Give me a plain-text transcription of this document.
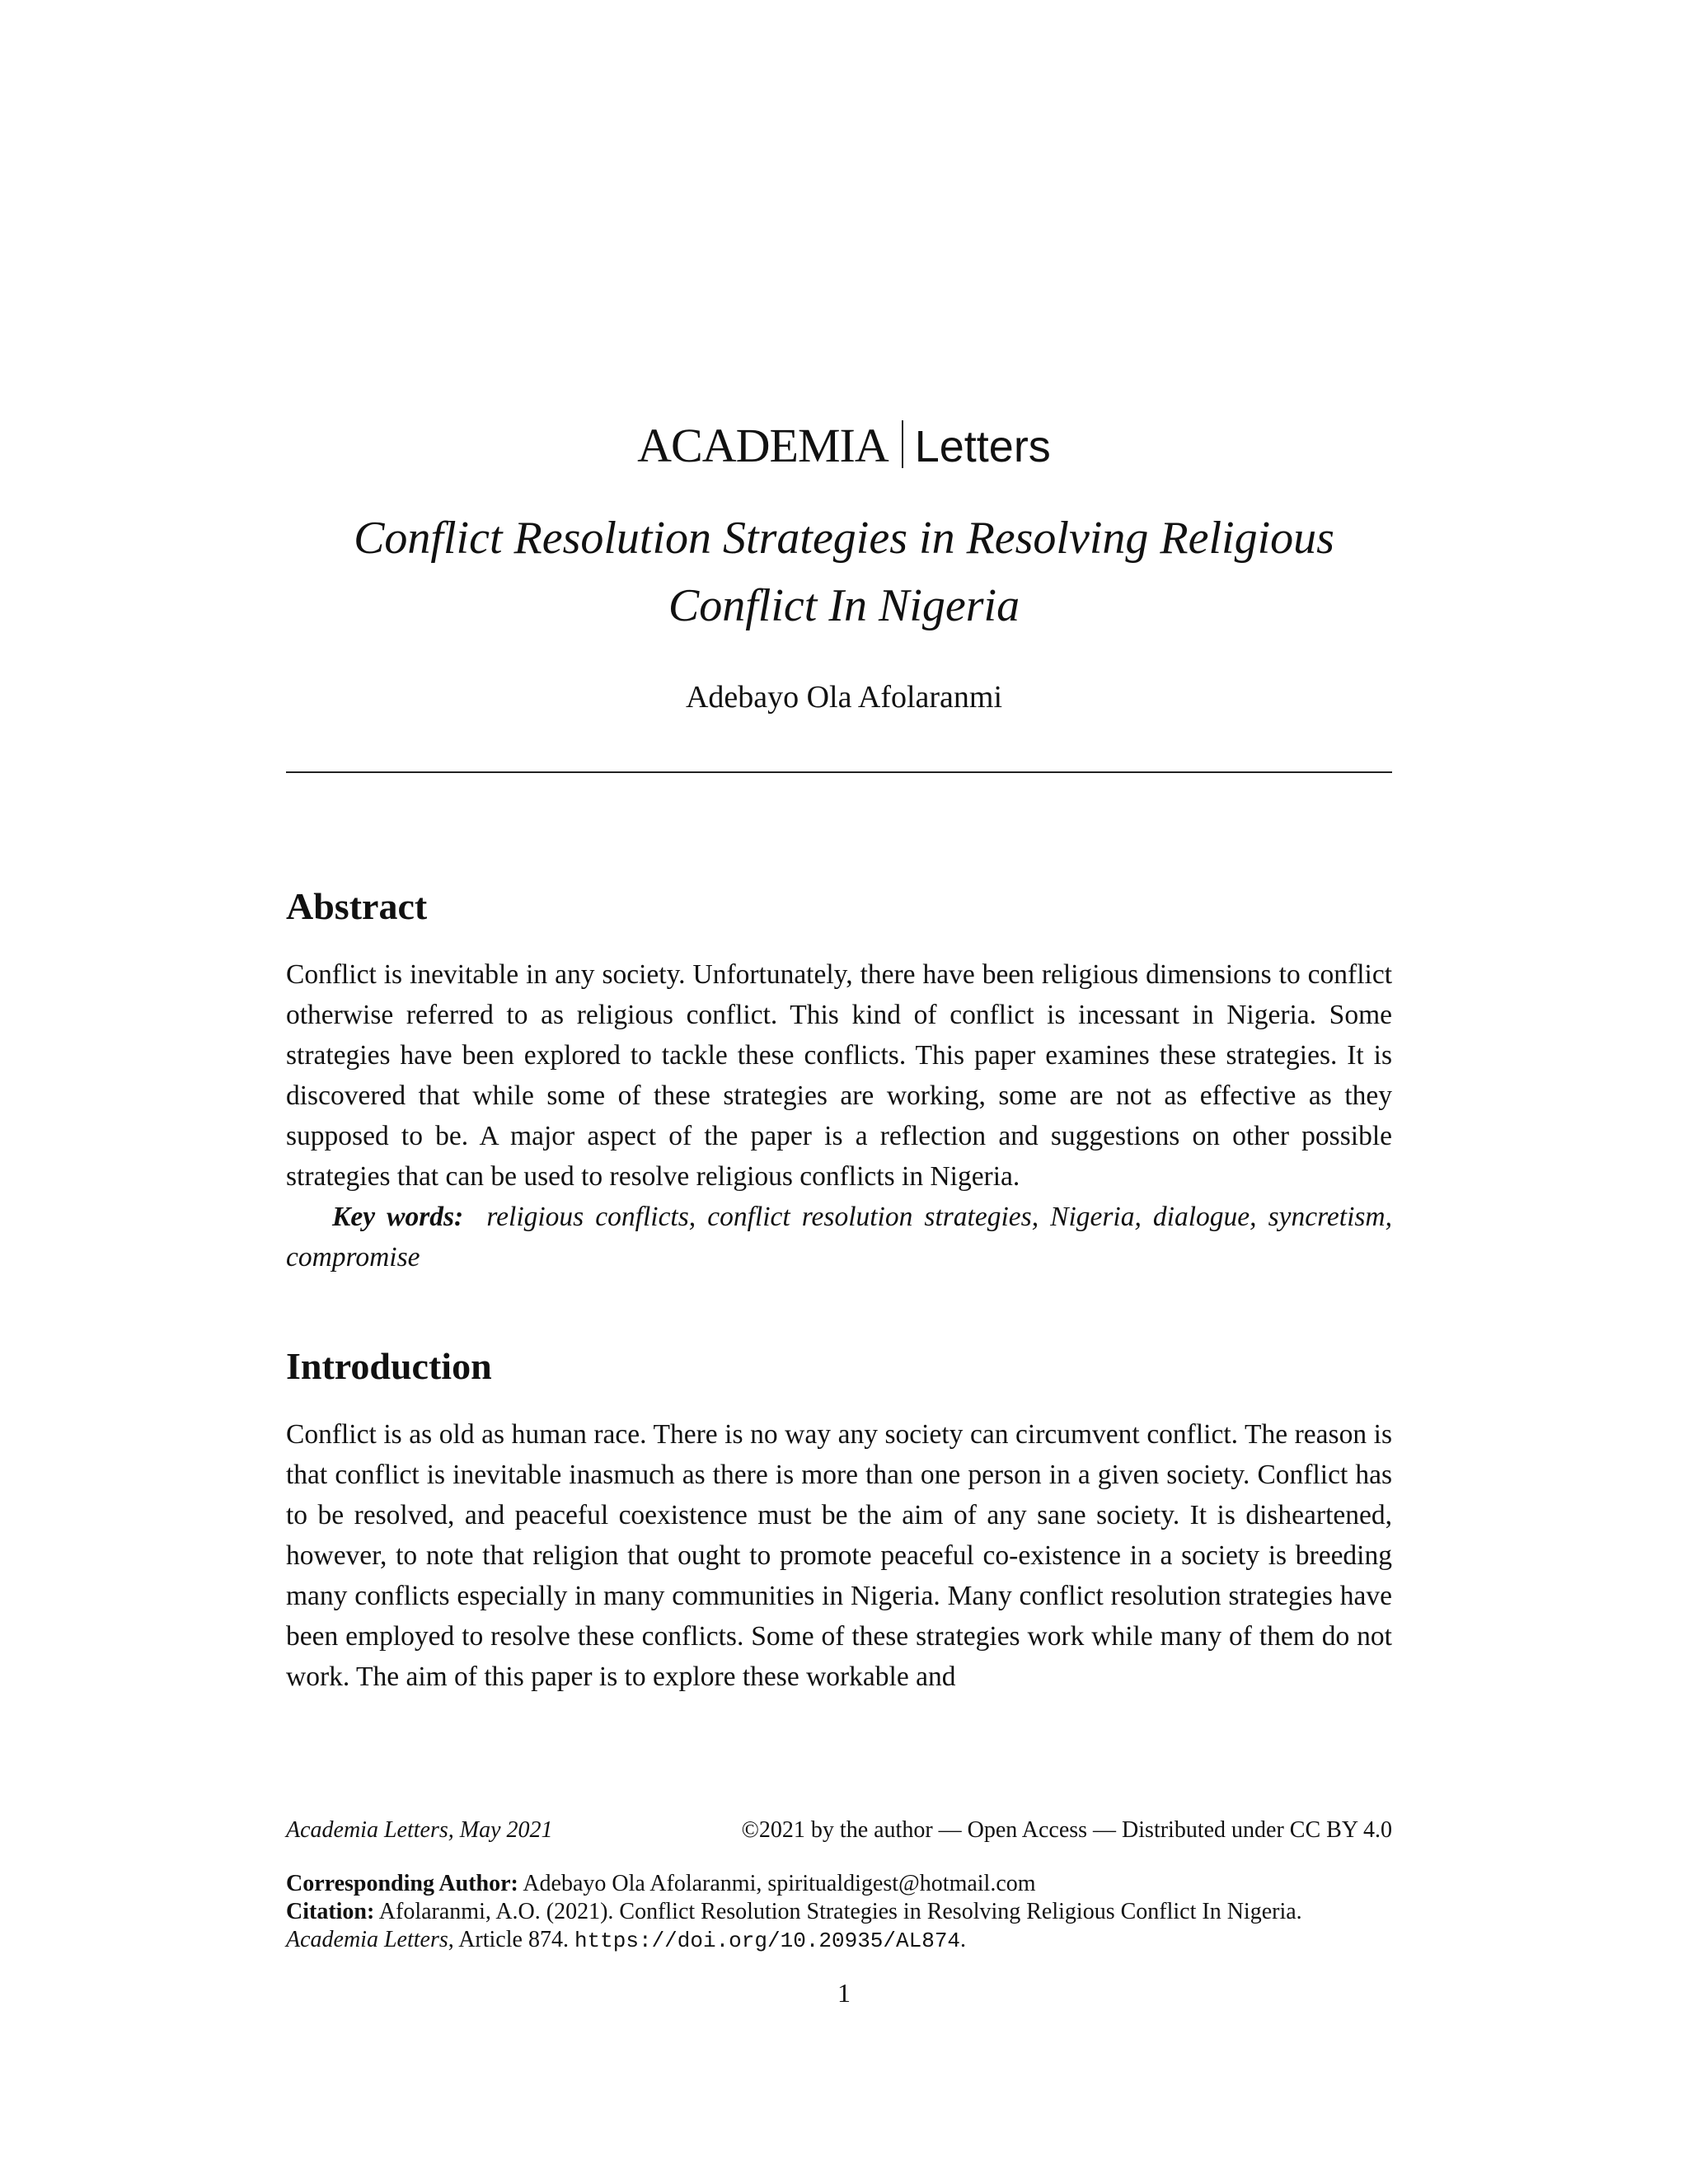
ACADEMIA Letters
Conflict Resolution Strategies in Resolving Religious
Conflict In Nigeria
Adebayo Ola Afolaranmi
Abstract

Conflict is inevitable in any society. Unfortunately, there have been religious dimensions to conflict otherwise referred to as religious conflict. This kind of conflict is incessant in Nigeria. Some strategies have been explored to tackle these conflicts. This paper examines these strategies. It is discovered that while some of these strategies are working, some are not as effective as they supposed to be. A major aspect of the paper is a reflection and suggestions on other possible strategies that can be used to resolve religious conflicts in Nigeria.

Key words: religious conflicts, conflict resolution strategies, Nigeria, dialogue, syncretism, compromise

Introduction

Conflict is as old as human race. There is no way any society can circumvent conflict. The reason is that conflict is inevitable inasmuch as there is more than one person in a given society. Conflict has to be resolved, and peaceful coexistence must be the aim of any sane society. It is disheartened, however, to note that religion that ought to promote peaceful co-existence in a society is breeding many conflicts especially in many communities in Nigeria. Many conflict resolution strategies have been employed to resolve these conflicts. Some of these strategies work while many of them do not work. The aim of this paper is to explore these workable and

Academia Letters, May 2021	©2021 by the author — Open Access — Distributed under CC BY 4.0
Corresponding Author: Adebayo Ola Afolaranmi, spiritualdigest@hotmail.com
Citation: Afolaranmi, A.O. (2021). Conflict Resolution Strategies in Resolving Religious Conflict In Nigeria.
Academia Letters, Article 874. https://doi.org/10.20935/AL874.
1
